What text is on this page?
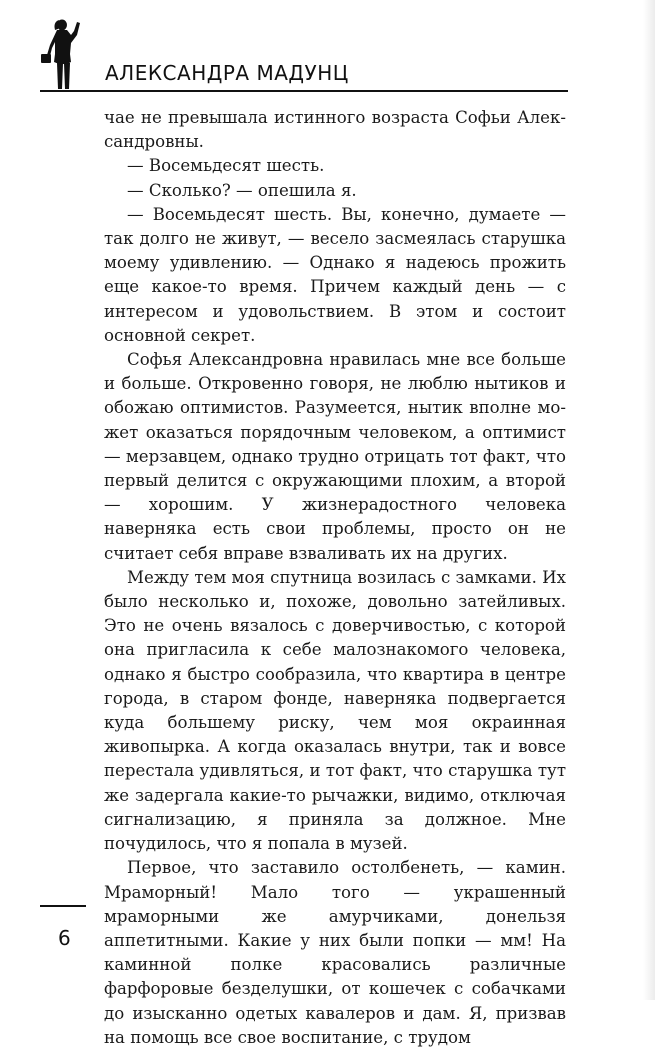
АЛЕКСАНДРА МАДУНЦ

чае не превышала истинного возраста Софьи Александровны.

— Восемьдесят шесть.

— Сколько? — опешила я.

— Восемьдесят шесть. Вы, конечно, думаете — так долго не живут, — весело засмеялась старушка моему удивлению. — Однако я надеюсь прожить еще какое-то время. Причем каждый день — с интересом и удовольствием. В этом и состоит основной секрет.

Софья Александровна нравилась мне все больше и больше. Откровенно говоря, не люблю нытиков и обожаю оптимистов. Разумеется, нытик вполне может оказаться порядочным человеком, а оптимист — мерзавцем, однако трудно отрицать тот факт, что первый делится с окружающими плохим, а второй — хорошим. У жизнерадостного человека наверняка есть свои проблемы, просто он не считает себя вправе взваливать их на других.

Между тем моя спутница возилась с замками. Их было несколько и, похоже, довольно затейливых. Это не очень вязалось с доверчивостью, с которой она пригласила к себе малознакомого человека, однако я быстро сообразила, что квартира в центре города, в старом фонде, наверняка подвергается куда большему риску, чем моя окраинная живопырка. А когда оказалась внутри, так и вовсе перестала удивляться, и тот факт, что старушка тут же задергала какие-то рычажки, видимо, отключая сигнализацию, я приняла за должное. Мне почудилось, что я попала в музей.

Первое, что заставило остолбенеть, — камин. Мраморный! Мало того — украшенный мраморными же амурчиками, донельзя аппетитными. Какие у них были попки — мм! На каминной полке красовались различные фарфоровые безделушки, от кошечек с собачками до изысканно одетых кавалеров и дам. Я, призвав на помощь все свое воспитание, с трудом

6
